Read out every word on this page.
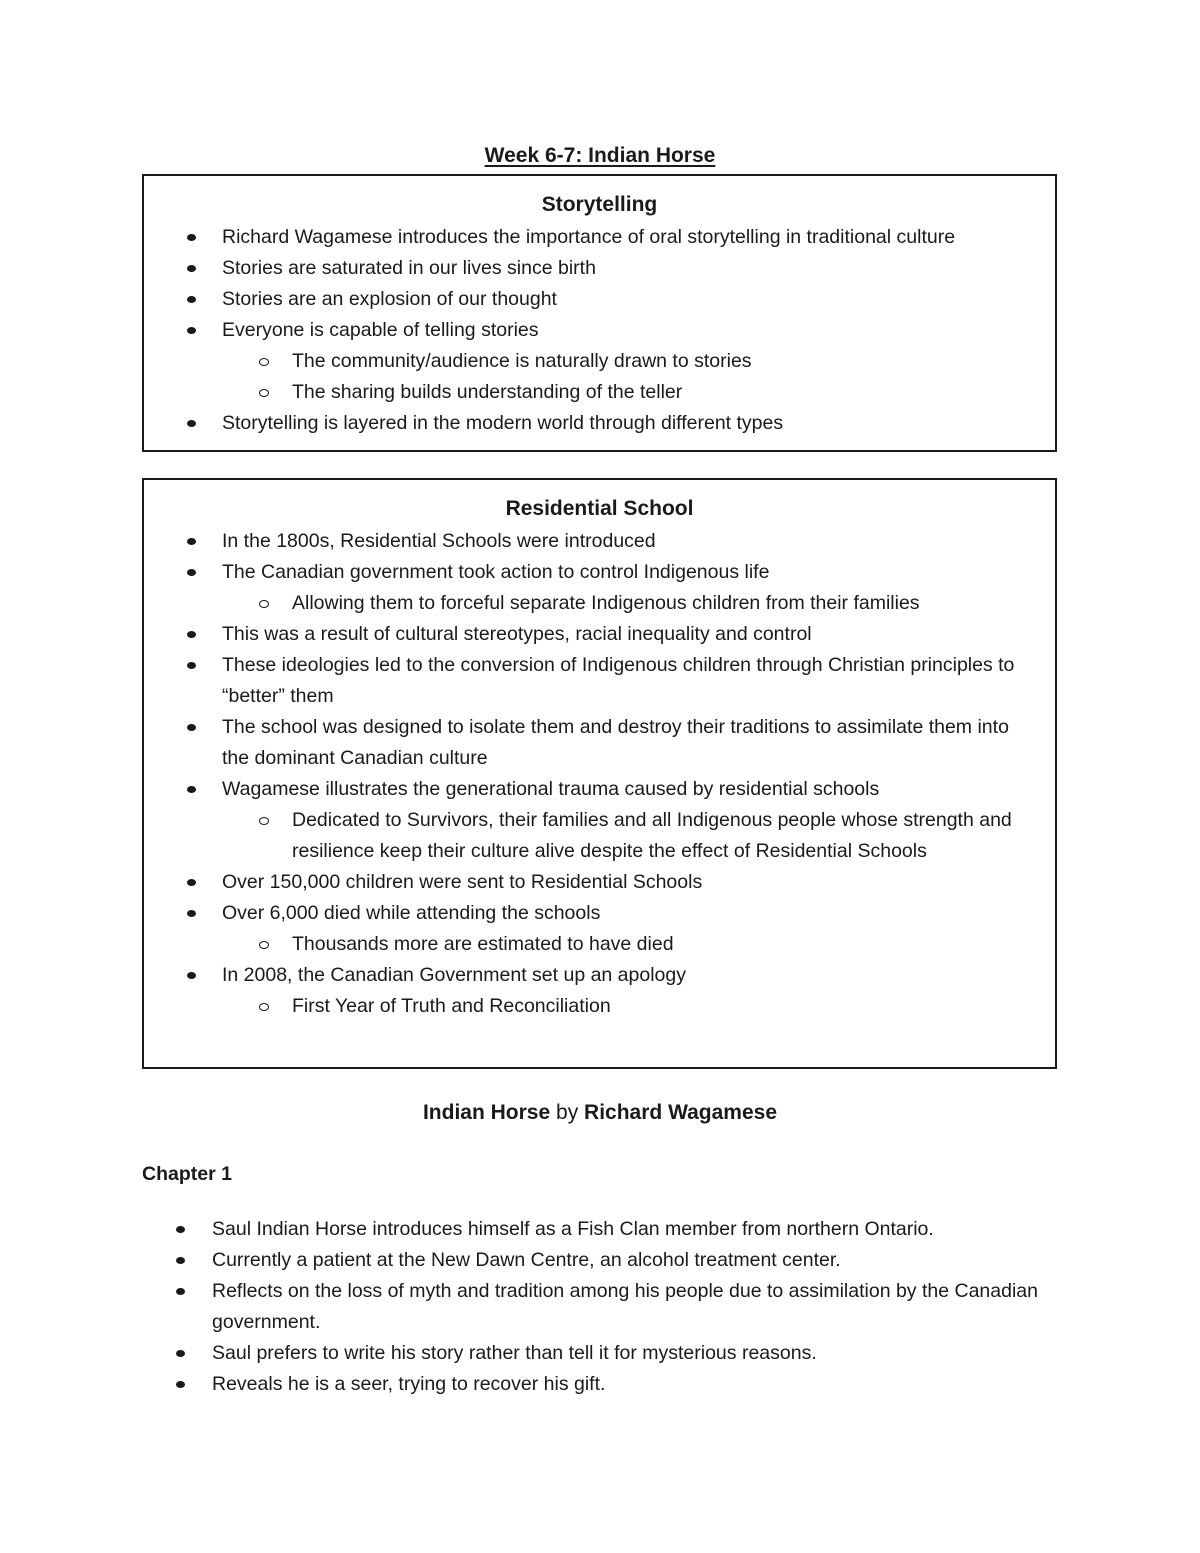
Week 6-7: Indian Horse
Storytelling
Richard Wagamese introduces the importance of oral storytelling in traditional culture
Stories are saturated in our lives since birth
Stories are an explosion of our thought
Everyone is capable of telling stories
The community/audience is naturally drawn to stories
The sharing builds understanding of the teller
Storytelling is layered in the modern world through different types
Residential School
In the 1800s, Residential Schools were introduced
The Canadian government took action to control Indigenous life
Allowing them to forceful separate Indigenous children from their families
This was a result of cultural stereotypes, racial inequality and control
These ideologies led to the conversion of Indigenous children through Christian principles to “better” them
The school was designed to isolate them and destroy their traditions to assimilate them into the dominant Canadian culture
Wagamese illustrates the generational trauma caused by residential schools
Dedicated to Survivors, their families and all Indigenous people whose strength and resilience keep their culture alive despite the effect of Residential Schools
Over 150,000 children were sent to Residential Schools
Over 6,000 died while attending the schools
Thousands more are estimated to have died
In 2008, the Canadian Government set up an apology
First Year of Truth and Reconciliation
Indian Horse by Richard Wagamese
Chapter 1
Saul Indian Horse introduces himself as a Fish Clan member from northern Ontario.
Currently a patient at the New Dawn Centre, an alcohol treatment center.
Reflects on the loss of myth and tradition among his people due to assimilation by the Canadian government.
Saul prefers to write his story rather than tell it for mysterious reasons.
Reveals he is a seer, trying to recover his gift.
